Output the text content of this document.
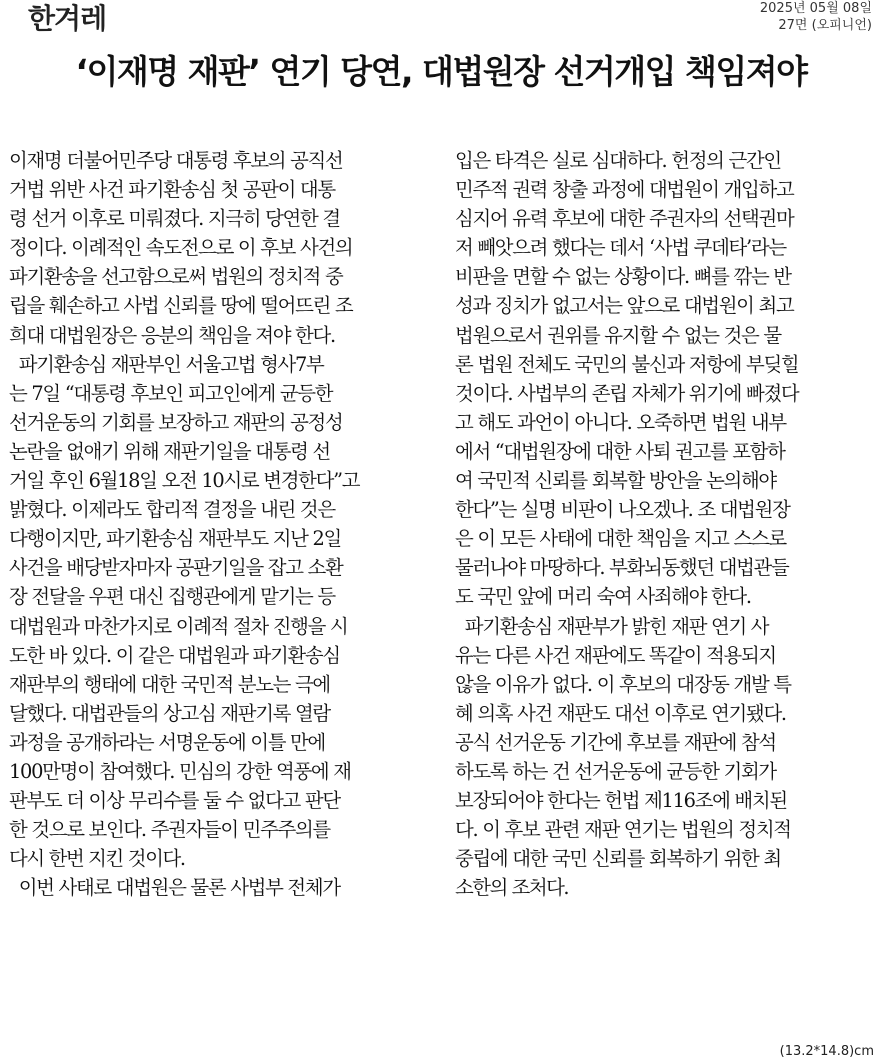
한겨레	2025년 05월 08일
27면 (오피니언)
‘이재명 재판’ 연기 당연, 대법원장 선거개입 책임져야
이재명 더불어민주당 대통령 후보의 공직선
거법 위반 사건 파기환송심 첫 공판이 대통
령 선거 이후로 미뤄졌다. 지극히 당연한 결
정이다. 이례적인 속도전으로 이 후보 사건의
파기환송을 선고함으로써 법원의 정치적 중
립을 훼손하고 사법 신뢰를 땅에 떨어뜨린 조
희대 대법원장은 응분의 책임을 져야 한다.
파기환송심 재판부인 서울고법 형사7부
는 7일 “대통령 후보인 피고인에게 균등한
선거운동의 기회를 보장하고 재판의 공정성
논란을 없애기 위해 재판기일을 대통령 선
거일 후인 6월18일 오전 10시로 변경한다”고
밝혔다. 이제라도 합리적 결정을 내린 것은
다행이지만, 파기환송심 재판부도 지난 2일
사건을 배당받자마자 공판기일을 잡고 소환
장 전달을 우편 대신 집행관에게 맡기는 등
대법원과 마찬가지로 이례적 절차 진행을 시
도한 바 있다. 이 같은 대법원과 파기환송심
재판부의 행태에 대한 국민적 분노는 극에
달했다. 대법관들의 상고심 재판기록 열람
과정을 공개하라는 서명운동에 이틀 만에
100만명이 참여했다. 민심의 강한 역풍에 재
판부도 더 이상 무리수를 둘 수 없다고 판단
한 것으로 보인다. 주권자들이 민주주의를
다시 한번 지킨 것이다.
이번 사태로 대법원은 물론 사법부 전체가
입은 타격은 실로 심대하다. 헌정의 근간인
민주적 권력 창출 과정에 대법원이 개입하고
심지어 유력 후보에 대한 주권자의 선택권마
저 빼앗으려 했다는 데서 ‘사법 쿠데타’라는
비판을 면할 수 없는 상황이다. 뼈를 깎는 반
성과 징치가 없고서는 앞으로 대법원이 최고
법원으로서 권위를 유지할 수 없는 것은 물
론 법원 전체도 국민의 불신과 저항에 부딪힐
것이다. 사법부의 존립 자체가 위기에 빠졌다
고 해도 과언이 아니다. 오죽하면 법원 내부
에서 “대법원장에 대한 사퇴 권고를 포함하
여 국민적 신뢰를 회복할 방안을 논의해야
한다”는 실명 비판이 나오겠나. 조 대법원장
은 이 모든 사태에 대한 책임을 지고 스스로
물러나야 마땅하다. 부화뇌동했던 대법관들
도 국민 앞에 머리 숙여 사죄해야 한다.
파기환송심 재판부가 밝힌 재판 연기 사
유는 다른 사건 재판에도 똑같이 적용되지
않을 이유가 없다. 이 후보의 대장동 개발 특
혜 의혹 사건 재판도 대선 이후로 연기됐다.
공식 선거운동 기간에 후보를 재판에 참석
하도록 하는 건 선거운동에 균등한 기회가
보장되어야 한다는 헌법 제116조에 배치된
다. 이 후보 관련 재판 연기는 법원의 정치적
중립에 대한 국민 신뢰를 회복하기 위한 최
소한의 조처다.
(13.2*14.8)cm
